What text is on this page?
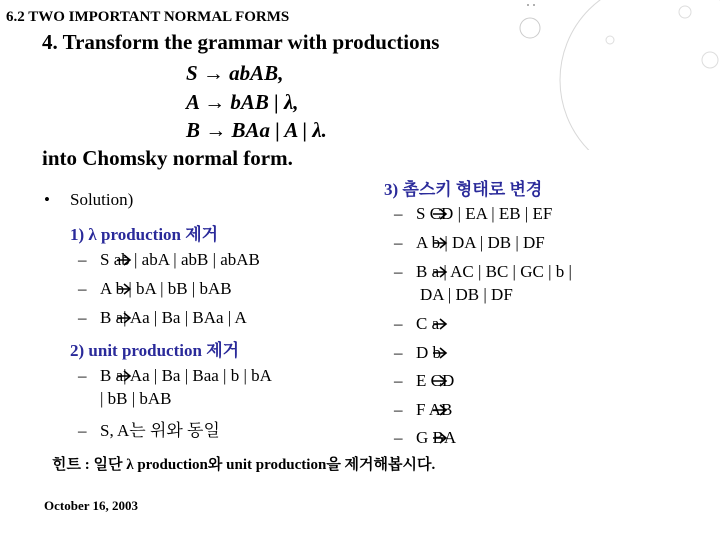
6.2 TWO IMPORTANT NORMAL FORMS
4. Transform the grammar with productions
S → abAB,
A → bAB | λ,
B → BAa | A | λ.
into Chomsky normal form.
• Solution)
1) λ production 제거
– S ab | abA | abB | abAB
– A b | bA | bB | bAB
– B a| Aa | Ba | BAa | A
2) unit production 제거
– B a| Aa | Ba | Baa | b | bA
| bB | bAB
– S, A는 위와 동일
3) 촘스키 형태로 변경
– S CD | EA | EB | EF
– A b | DA | DB | DF
– B a | AC | BC | GC | b |
DA | DB | DF
– C a
– D b
– E CD
– F AB
– G BA
힌트 : 일단 λ production와 unit production을 제거해봅시다.
October 16, 2003
